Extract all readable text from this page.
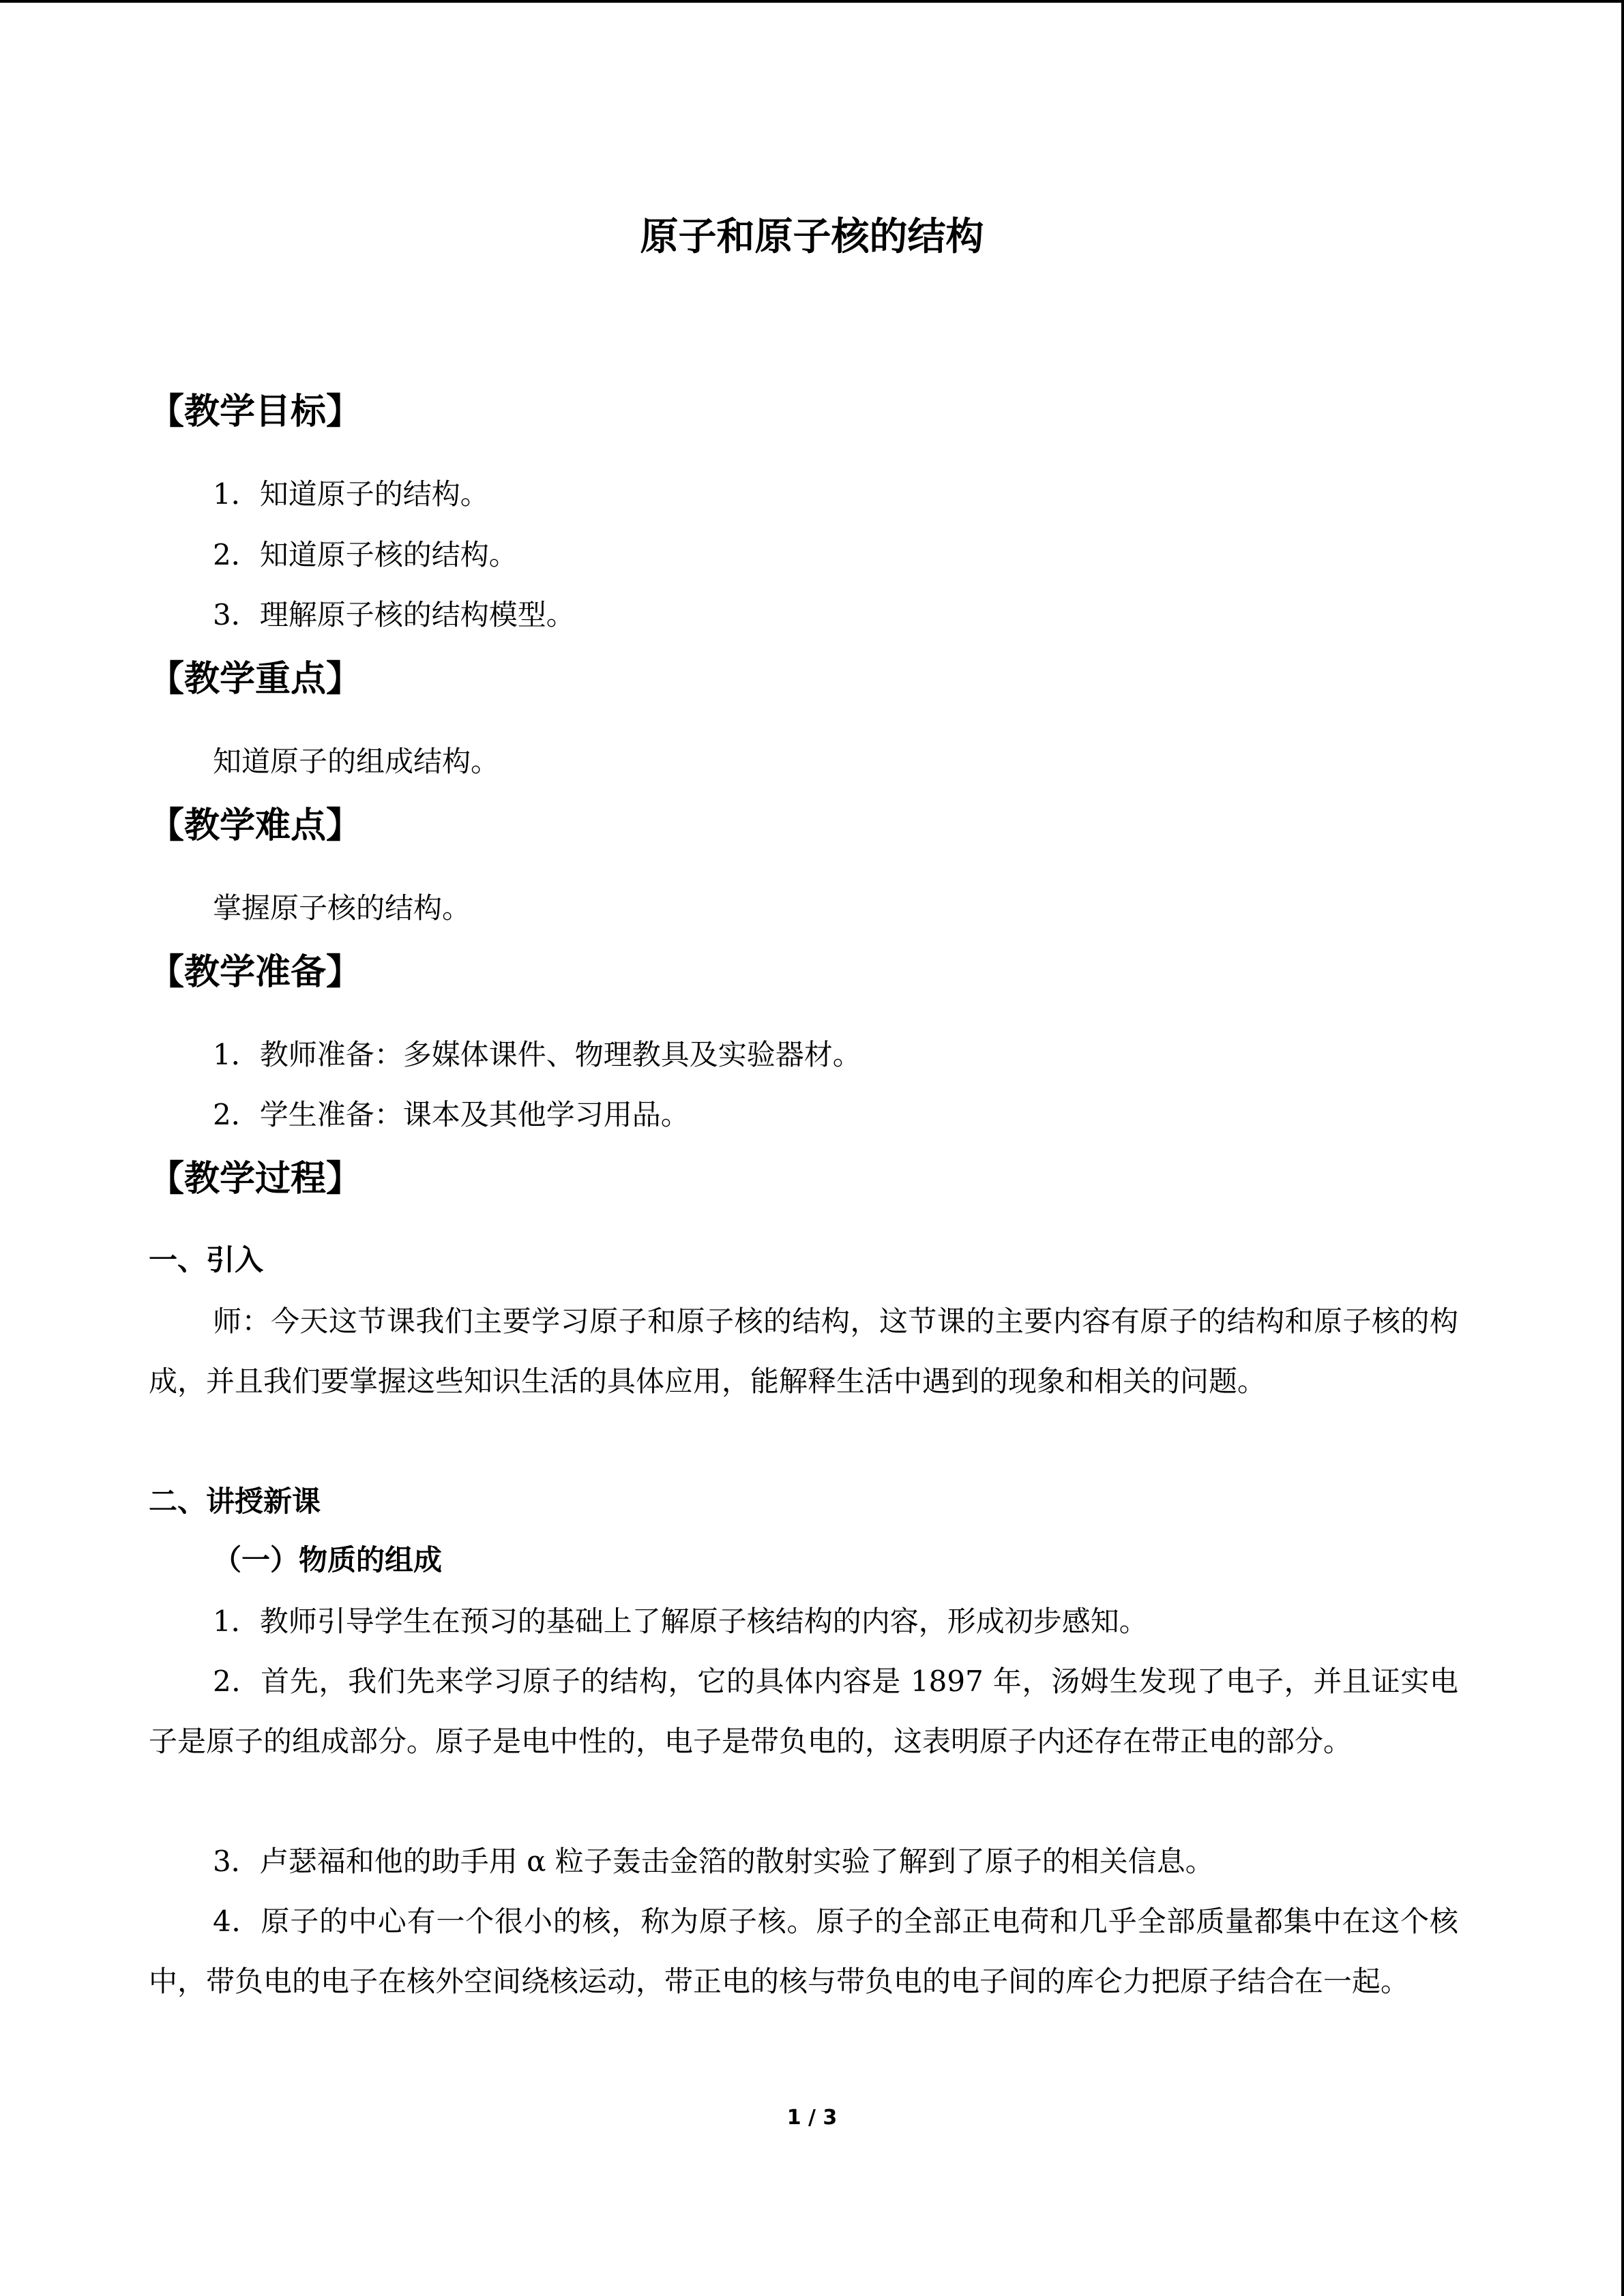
原子和原子核的结构
【教学目标】
1．知道原子的结构。
2．知道原子核的结构。
3．理解原子核的结构模型。
【教学重点】
知道原子的组成结构。
【教学难点】
掌握原子核的结构。
【教学准备】
1．教师准备：多媒体课件、物理教具及实验器材。
2．学生准备：课本及其他学习用品。
【教学过程】
一、引入
师：今天这节课我们主要学习原子和原子核的结构，这节课的主要内容有原子的结构和原子核的构成，并且我们要掌握这些知识生活的具体应用，能解释生活中遇到的现象和相关的问题。
二、讲授新课
（一）物质的组成
1．教师引导学生在预习的基础上了解原子核结构的内容，形成初步感知。
2．首先，我们先来学习原子的结构，它的具体内容是 1897 年，汤姆生发现了电子，并且证实电子是原子的组成部分。原子是电中性的，电子是带负电的，这表明原子内还存在带正电的部分。
3．卢瑟福和他的助手用 α 粒子轰击金箔的散射实验了解到了原子的相关信息。
4．原子的中心有一个很小的核，称为原子核。原子的全部正电荷和几乎全部质量都集中在这个核中，带负电的电子在核外空间绕核运动，带正电的核与带负电的电子间的库仑力把原子结合在一起。
1 / 3
